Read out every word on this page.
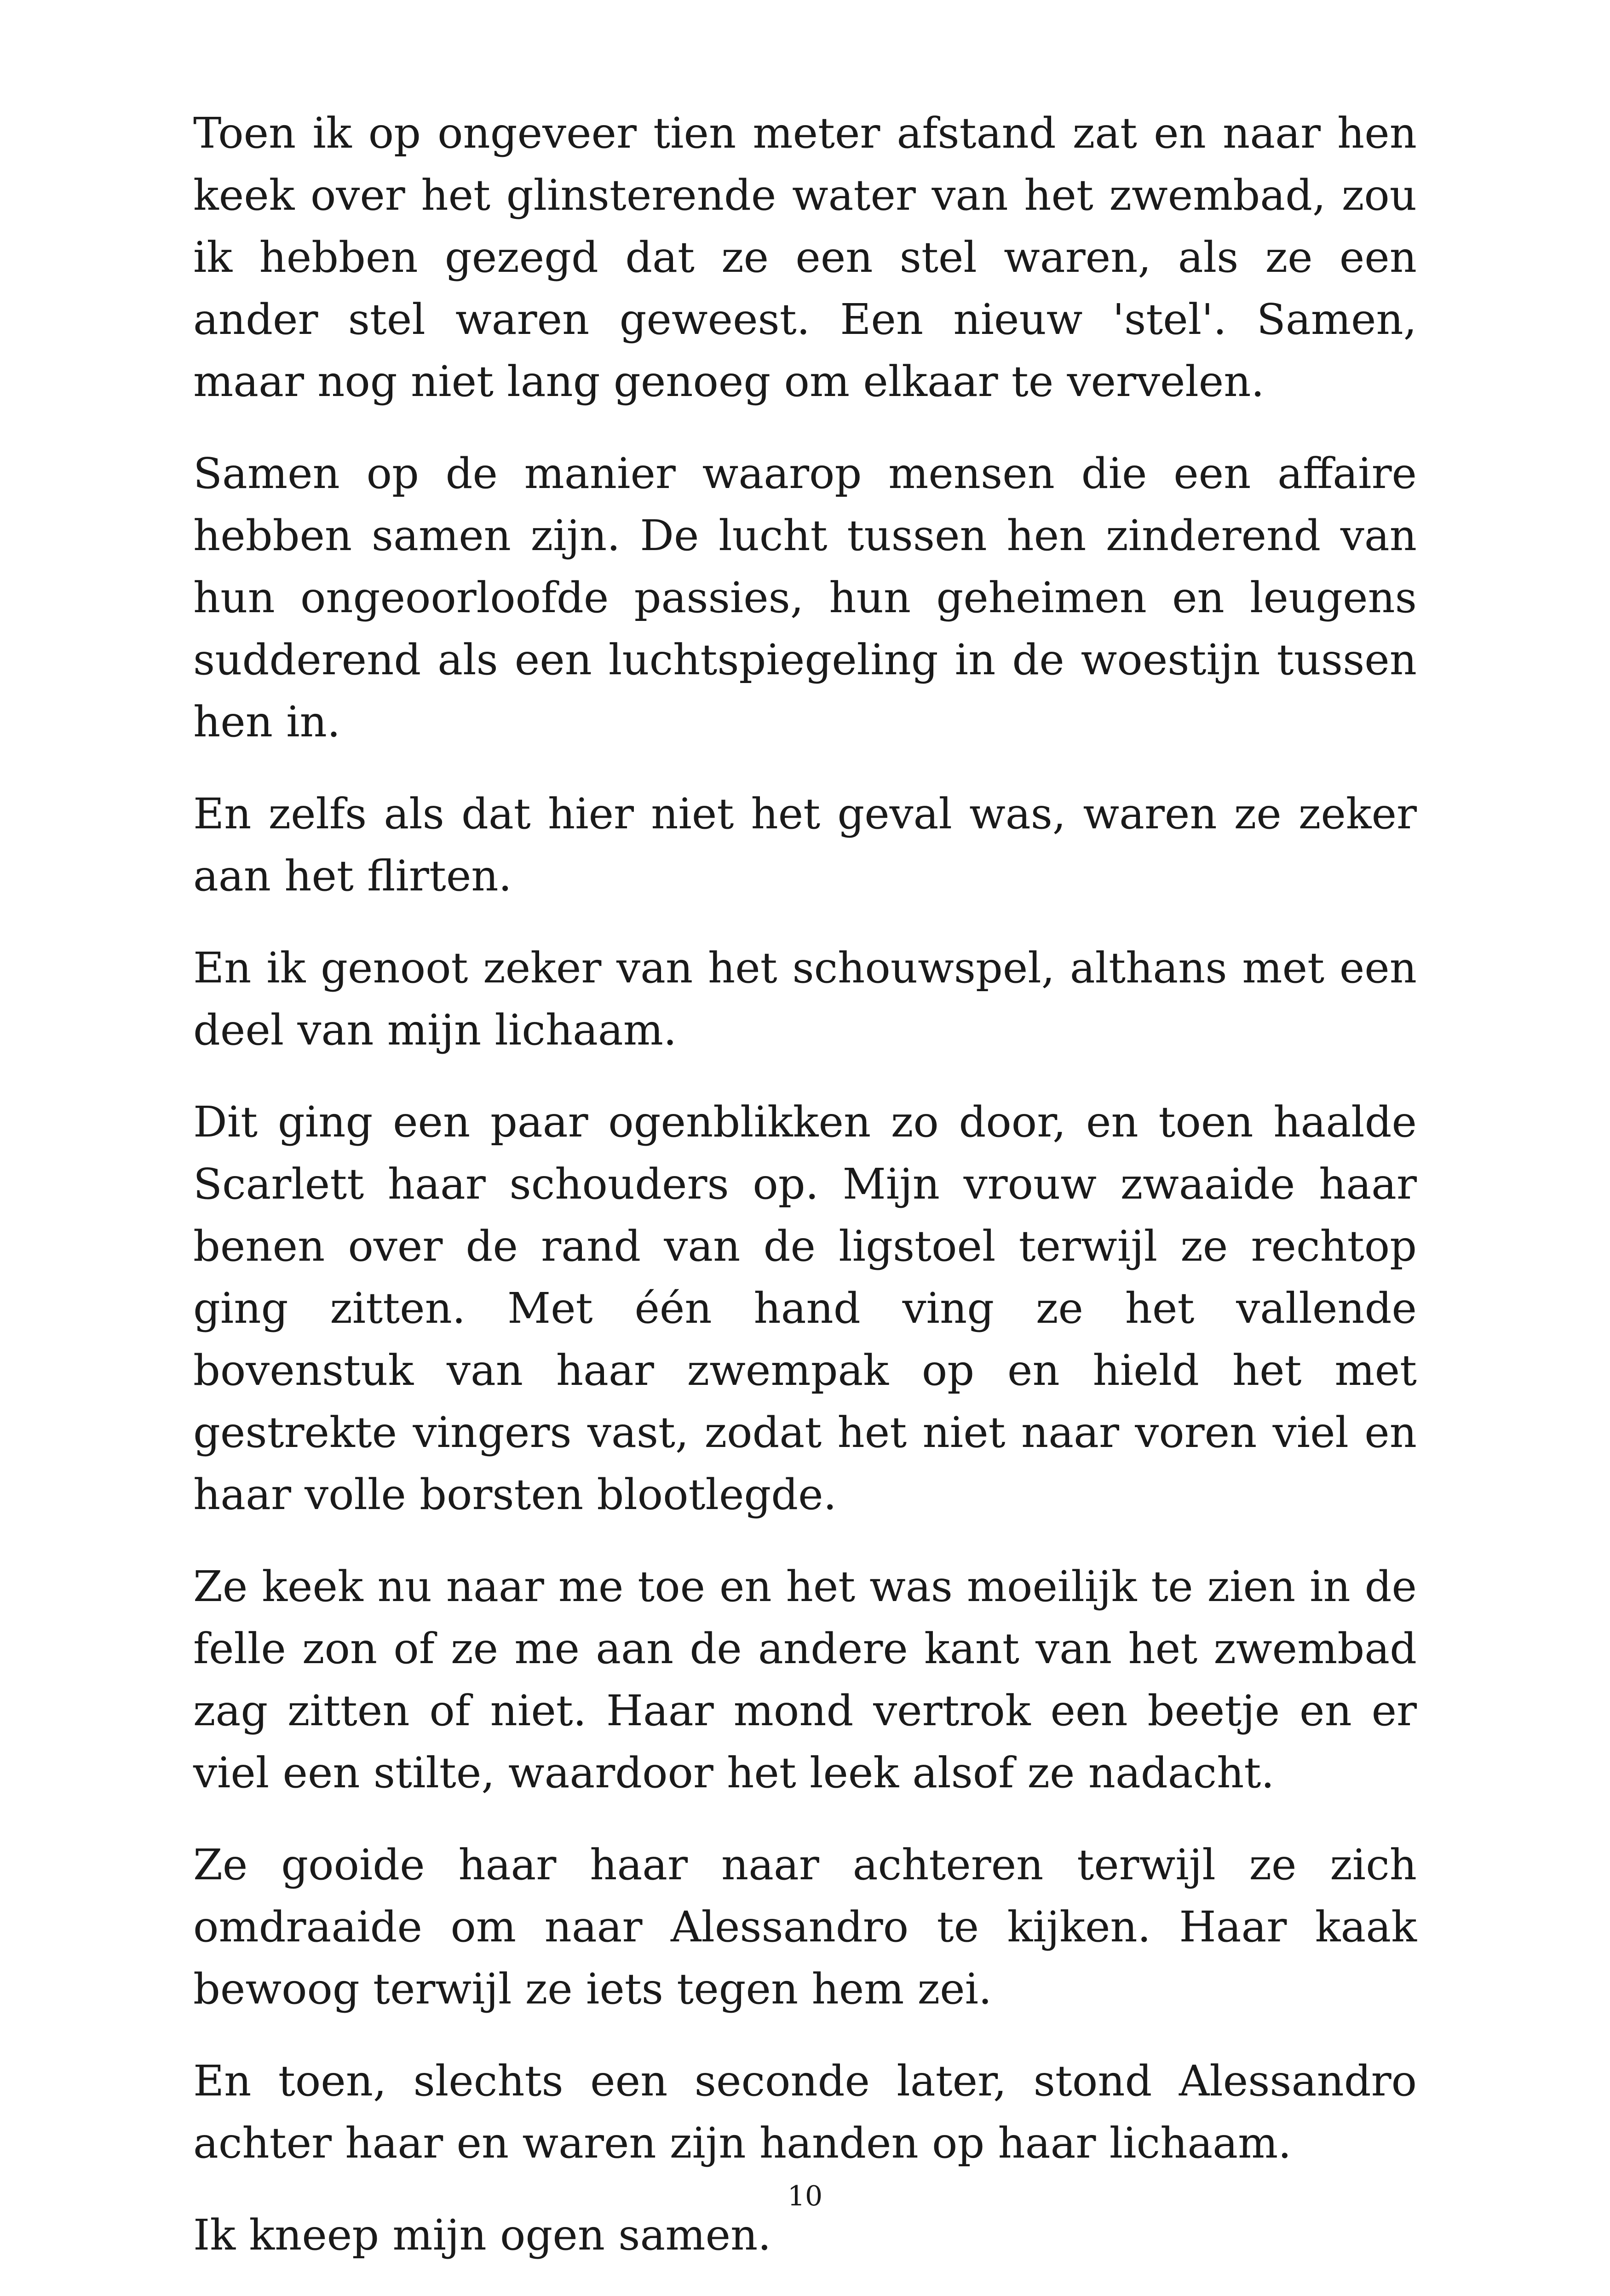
Toen ik op ongeveer tien meter afstand zat en naar hen keek over het glinsterende water van het zwembad, zou ik hebben gezegd dat ze een stel waren, als ze een ander stel waren geweest. Een nieuw 'stel'. Samen, maar nog niet lang genoeg om elkaar te vervelen.

Samen op de manier waarop mensen die een affaire hebben samen zijn. De lucht tussen hen zinderend van hun ongeoorloofde passies, hun geheimen en leugens sudderend als een luchtspiegeling in de woestijn tussen hen in.

En zelfs als dat hier niet het geval was, waren ze zeker aan het flirten.

En ik genoot zeker van het schouwspel, althans met een deel van mijn lichaam.

Dit ging een paar ogenblikken zo door, en toen haalde Scarlett haar schouders op. Mijn vrouw zwaaide haar benen over de rand van de ligstoel terwijl ze rechtop ging zitten. Met één hand ving ze het vallende bovenstuk van haar zwempak op en hield het met gestrekte vingers vast, zodat het niet naar voren viel en haar volle borsten blootlegde.

Ze keek nu naar me toe en het was moeilijk te zien in de felle zon of ze me aan de andere kant van het zwembad zag zitten of niet. Haar mond vertrok een beetje en er viel een stilte, waardoor het leek alsof ze nadacht.

Ze gooide haar haar naar achteren terwijl ze zich omdraaide om naar Alessandro te kijken. Haar kaak bewoog terwijl ze iets tegen hem zei.

En toen, slechts een seconde later, stond Alessandro achter haar en waren zijn handen op haar lichaam.

Ik kneep mijn ogen samen.

10
